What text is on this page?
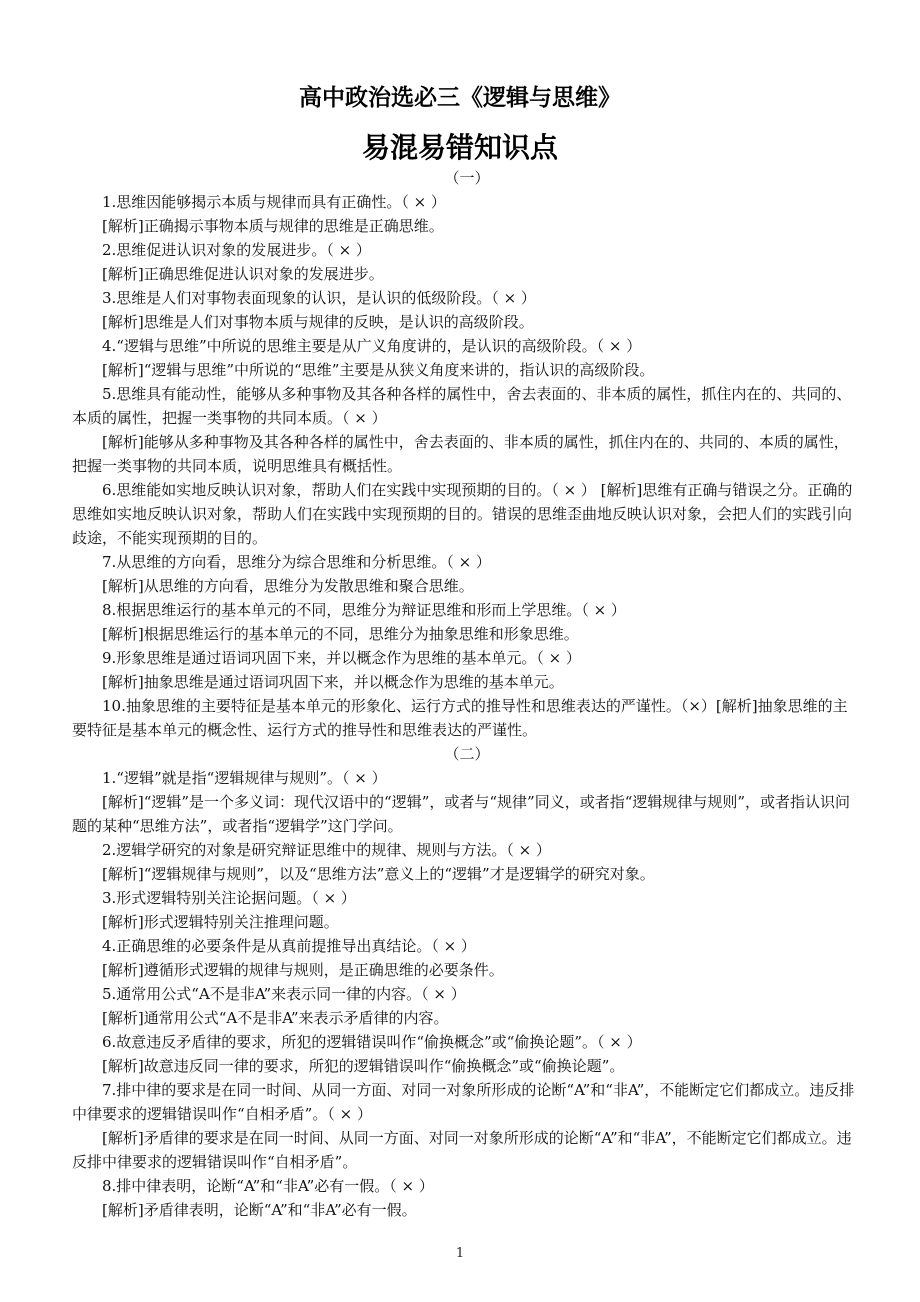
高中政治选必三《逻辑与思维》
易混易错知识点
（一）

1.思维因能够揭示本质与规律而具有正确性。（ × ）

[解析]正确揭示事物本质与规律的思维是正确思维。

2.思维促进认识对象的发展进步。（ × ）

[解析]正确思维促进认识对象的发展进步。

3.思维是人们对事物表面现象的认识，是认识的低级阶段。（ × ）

[解析]思维是人们对事物本质与规律的反映，是认识的高级阶段。

4.“逻辑与思维”中所说的思维主要是从广义角度讲的，是认识的高级阶段。（ × ）

[解析]“逻辑与思维”中所说的“思维”主要是从狭义角度来讲的，指认识的高级阶段。

5.思维具有能动性，能够从多种事物及其各种各样的属性中，舍去表面的、非本质的属性，抓住内在的、共同的、本质的属性，把握一类事物的共同本质。（ × ）

[解析]能够从多种事物及其各种各样的属性中，舍去表面的、非本质的属性，抓住内在的、共同的、本质的属性，把握一类事物的共同本质，说明思维具有概括性。

6.思维能如实地反映认识对象，帮助人们在实践中实现预期的目的。（ × ） [解析]思维有正确与错误之分。正确的思维如实地反映认识对象，帮助人们在实践中实现预期的目的。错误的思维歪曲地反映认识对象，会把人们的实践引向歧途，不能实现预期的目的。

7.从思维的方向看，思维分为综合思维和分析思维。（ × ）

[解析]从思维的方向看，思维分为发散思维和聚合思维。

8.根据思维运行的基本单元的不同，思维分为辩证思维和形而上学思维。（ × ）

[解析]根据思维运行的基本单元的不同，思维分为抽象思维和形象思维。

9.形象思维是通过语词巩固下来，并以概念作为思维的基本单元。（ × ）

[解析]抽象思维是通过语词巩固下来，并以概念作为思维的基本单元。

10.抽象思维的主要特征是基本单元的形象化、运行方式的推导性和思维表达的严谨性。（×）[解析]抽象思维的主要特征是基本单元的概念性、运行方式的推导性和思维表达的严谨性。

（二）

1.“逻辑”就是指“逻辑规律与规则”。（ × ）

[解析]“逻辑”是一个多义词：现代汉语中的“逻辑”，或者与“规律”同义，或者指“逻辑规律与规则”，或者指认识问题的某种“思维方法”，或者指“逻辑学”这门学问。

2.逻辑学研究的对象是研究辩证思维中的规律、规则与方法。（ × ）

[解析]“逻辑规律与规则”，以及“思维方法”意义上的“逻辑”才是逻辑学的研究对象。

3.形式逻辑特别关注论据问题。（ × ）

[解析]形式逻辑特别关注推理问题。

4.正确思维的必要条件是从真前提推导出真结论。（ × ）

[解析]遵循形式逻辑的规律与规则，是正确思维的必要条件。

5.通常用公式“A不是非A”来表示同一律的内容。（ × ）

[解析]通常用公式“A不是非A”来表示矛盾律的内容。

6.故意违反矛盾律的要求，所犯的逻辑错误叫作“偷换概念”或“偷换论题”。（ × ）

[解析]故意违反同一律的要求，所犯的逻辑错误叫作“偷换概念”或“偷换论题”。

7.排中律的要求是在同一时间、从同一方面、对同一对象所形成的论断“A”和“非A”，不能断定它们都成立。违反排中律要求的逻辑错误叫作“自相矛盾”。（ × ）

[解析]矛盾律的要求是在同一时间、从同一方面、对同一对象所形成的论断“A”和“非A”，不能断定它们都成立。违反排中律要求的逻辑错误叫作“自相矛盾”。

8.排中律表明，论断“A”和“非A”必有一假。（ × ）

[解析]矛盾律表明，论断“A”和“非A”必有一假。

1
